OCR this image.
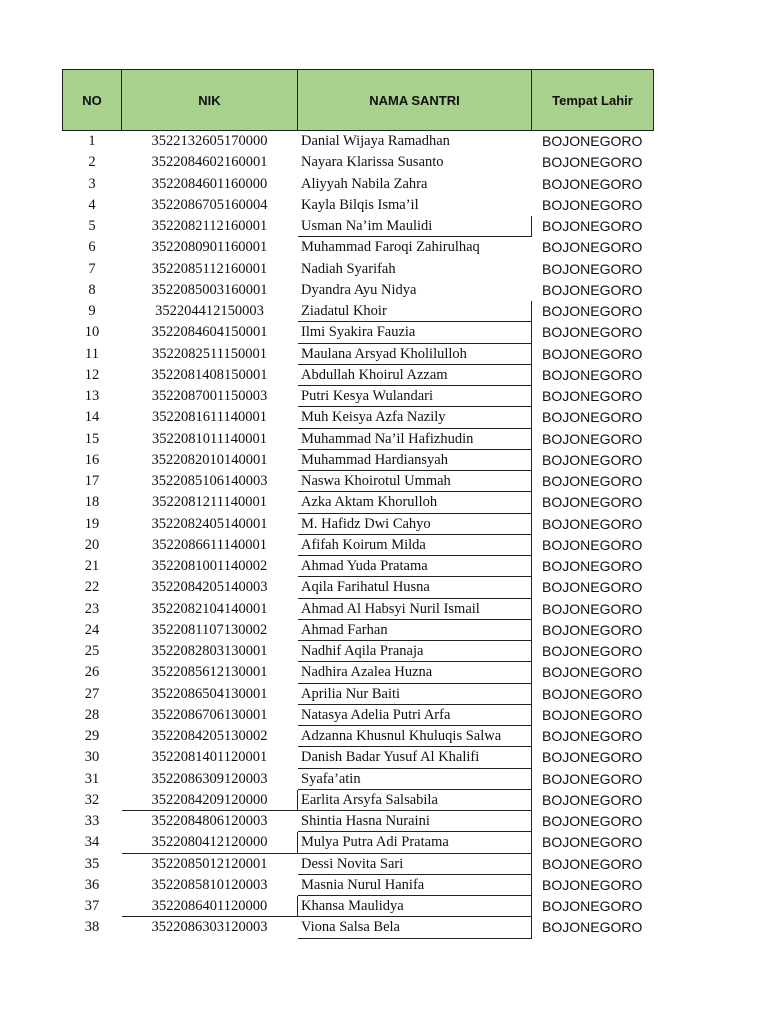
NO	NIK	NAMA SANTRI	Tempat Lahir
1	3522132605170000	Danial Wijaya Ramadhan	BOJONEGORO
2	3522084602160001	Nayara Klarissa Susanto	BOJONEGORO
3	3522084601160000	Aliyyah Nabila Zahra	BOJONEGORO
4	3522086705160004	Kayla Bilqis Isma’il	BOJONEGORO
5	3522082112160001	Usman Na’im Maulidi	BOJONEGORO
6	3522080901160001	Muhammad Faroqi Zahirulhaq	BOJONEGORO
7	3522085112160001	Nadiah Syarifah	BOJONEGORO
8	3522085003160001	Dyandra Ayu Nidya	BOJONEGORO
9	352204412150003	Ziadatul Khoir	BOJONEGORO
10	3522084604150001	Ilmi Syakira Fauzia	BOJONEGORO
11	3522082511150001	Maulana Arsyad Kholilulloh	BOJONEGORO
12	3522081408150001	Abdullah Khoirul Azzam	BOJONEGORO
13	3522087001150003	Putri Kesya Wulandari	BOJONEGORO
14	3522081611140001	Muh Keisya Azfa Nazily	BOJONEGORO
15	3522081011140001	Muhammad Na’il Hafizhudin	BOJONEGORO
16	3522082010140001	Muhammad Hardiansyah	BOJONEGORO
17	3522085106140003	Naswa Khoirotul Ummah	BOJONEGORO
18	3522081211140001	Azka Aktam Khorulloh	BOJONEGORO
19	3522082405140001	M. Hafidz Dwi Cahyo	BOJONEGORO
20	3522086611140001	Afifah Koirum Milda	BOJONEGORO
21	3522081001140002	Ahmad Yuda Pratama	BOJONEGORO
22	3522084205140003	Aqila Farihatul Husna	BOJONEGORO
23	3522082104140001	Ahmad Al Habsyi Nuril Ismail	BOJONEGORO
24	3522081107130002	Ahmad Farhan	BOJONEGORO
25	3522082803130001	Nadhif Aqila Pranaja	BOJONEGORO
26	3522085612130001	Nadhira Azalea Huzna	BOJONEGORO
27	3522086504130001	Aprilia Nur Baiti	BOJONEGORO
28	3522086706130001	Natasya Adelia Putri Arfa	BOJONEGORO
29	3522084205130002	Adzanna Khusnul Khuluqis Salwa	BOJONEGORO
30	3522081401120001	Danish Badar Yusuf Al Khalifi	BOJONEGORO
31	3522086309120003	Syafa’atin	BOJONEGORO
32	3522084209120000	Earlita Arsyfa Salsabila	BOJONEGORO
33	3522084806120003	Shintia Hasna Nuraini	BOJONEGORO
34	3522080412120000	Mulya Putra Adi Pratama	BOJONEGORO
35	3522085012120001	Dessi Novita Sari	BOJONEGORO
36	3522085810120003	Masnia Nurul Hanifa	BOJONEGORO
37	3522086401120000	Khansa Maulidya	BOJONEGORO
38	3522086303120003	Viona Salsa Bela	BOJONEGORO
